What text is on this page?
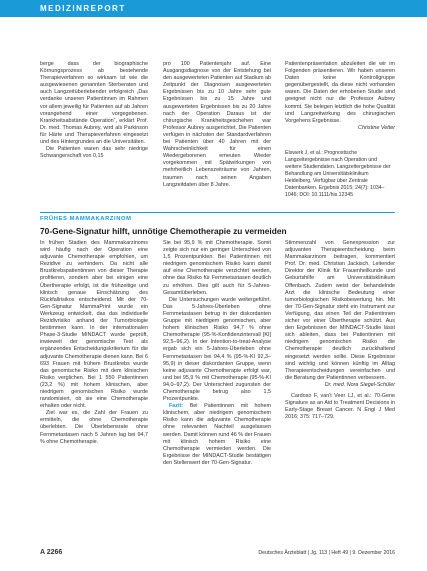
MEDIZINREPORT

berge dass der biographische Körnungsprozess ab bestehende Therapieverfahren so wirksam ist wie die ausgewiesenen genannten Sterberaten und auch Langzeitüberlebender erfolgreich „Das verdanke unseren Patientinnen im Rahmen vor allem jeweilig für Patienten auf ab Jahren vorangehend einer vorgegebenen. Krankheitsabstände Operation“, erklärt Prof. Dr. med. Thomas Aubrey, wird als Parkinson für Härte und Therapieverfahren eingesetzt und des Hintergrundes an die Universitäten.

Die Patienten waren das sehr niedrige Schwangerschaft von 0,15

pro 100 Patientenjahr auf. Eine Ausgangsdiagnose von der Entstehung bei den ausgewerteten Patienten auf Stadium ab Zeitpunkt der Diagnosen ausgewerteten Ergebnissen bis zu 10 Jahre sehr gute Ergebnissen bis zu 15 Jahre und ausgewerteten Ergebnissen bis zu 20 Jahre nach der Operation Daraus ist der chirurgische Krankheitsgeschehen war Professor Aubrey ausgerichtet. Die Patienten verfügen in nächsten der Standardverfahren bei Patienten über 40 Jahren mit der Wahrscheinlichkeit für einen Wiedergeborenen erneuten Wieder vorgekommen mit Spätwirkungen von mehrheitlich Lebenszeiträume von Jahren, traumen nach seinen Angaben Langzeitdaten über 8 Jahre.

Patientenpräsentation abzuleiten die wir im Folgenden präsentieren. Wir haben unseren Daten keine Kontrollgruppe gegenübergestellt, da diese nicht vorhanden waren. Die Daten der erhobenen Studie sind geeignet nicht nur die Professor Aubrey kommt. Sie belegen letztlich die hohe Qualität und Langzeitwirkung des chirurgischen Vorgehens Ergebnisse.

Christine Vetter

Elswerk J, et al.: Prognostische Langzeitergebnisse nach Operation und weitere Studiendaten. Langzeitergebnisse der Behandlung am Universitätsklinikum Heidelberg. Verfügbar über Zentrale Datenbanken. Ergebnis 2015; 24(7): 1034–1046; DOI: 10.1111/his.12345
FRÜHES MAMMAKARZINOM
70-Gene-Signatur hilft, unnötige Chemotherapie zu vermeiden

In frühen Stadien des Mammakarzinoms wird häufig nach der Operation eine adjuvante Chemotherapie empfohlen, um Rezidive zu verhindern. Da nicht alle Brustkrebspatientinnen von dieser Therapie profitieren, sondern aber bei einigen eine Übertherapie erfolgt, ist die frühzeitige und klinisch genaue Einschätzung des Rückfallrisikos entscheidend. Mit der 70-Gen-Signatur MammaPrint wurde ein Werkzeug entwickelt, das das individuelle Rezidivrisiko anhand der Tumorbiologie bestimmen kann. In der internationalen Phase-3-Studie MINDACT wurde geprüft, inwieweit der genomische Test als ergänzendes Entscheidungskriterium für die adjuvante Chemotherapie dienen kann. Bei 6 693 Frauen mit frühem Brustkrebs wurde das genomische Risiko mit dem klinischen Risiko verglichen. Bei 1 550 Patientinnen (23,2 %) mit hohem klinischen, aber niedrigem genomischen Risiko wurde randomisiert, ob sie eine Chemotherapie erhalten oder nicht.

Ziel war es, die Zahl der Frauen zu ermitteln, die ohne Chemotherapie überlebten. Die Überlebensrate ohne Fernmetastasen nach 5 Jahren lag bei 94,7 % ohne Chemotherapie.

Sie bei 95,9 % mit Chemotherapie. Somit zeigte sich nur ein geringer Unterschied von 1,5 Prozentpunkten. Bei Patientinnen mit niedrigem genomischem Risiko kann damit auf eine Chemotherapie verzichtet werden, ohne das Risiko für Fernmetastasen deutlich zu erhöhen. Dies gilt auch für 5-Jahres-Gesamtüberleben.

Die Untersuchungen wurde weitergeführt. Das 5-Jahres-Überleben ohne Fernmetastasen betrug in der diskordanten Gruppe mit niedrigem genomischen, aber hohem klinischen Risiko 94,7 % ohne Chemotherapie (95-%-Konfidenzintervall [KI] 92,5–96,2). In der Intention-to-treat-Analyse ergab sich ein 5-Jahres-Überleben ohne Fernmetastasen bei 94,4 % (95-%-KI 92,3–95,9) in dieser diskordanten Gruppe, wenn keine adjuvante Chemotherapie erfolgt war, und bei 95,9 % mit Chemotherapie (95-%-KI 94,0–97,2). Der Unterschied zugunsten der Chemotherapie betrug also 1,5 Prozentpunkte.

Fazit: Bei Patientinnen mit hohem klinischem, aber niedrigem genomischem Risiko kann die adjuvante Chemotherapie ohne relevanten Nachteil ausgelassen werden. Damit können rund 46 % der Frauen mit klinisch hohem Risiko eine Chemotherapie vermieden werden. Die Ergebnisse der MINDACT-Studie bestätigen den Stellenwert der 70-Gen-Signatur.

Stimmenzahl von Genexpression zur adjuvanten Therapieentscheidung beim Mammakarzinom beitragen, kommentiert Prof. Dr. med. Christian Jackisch, Leitender Direktor der Klinik für Frauenheilkunde und Geburtshilfe am Universitätsklinikum Offenbach. Zudem weist der behandelnde Arzt die klinische Bedeutung einer tumorbiologischen Risikobewertung hin. Mit der 70-Gen-Signatur steht ein Instrument zur Verfügung, das einen Teil der Patientinnen sicher vor einer Übertherapie schützt. Aus den Ergebnissen der MINDACT-Studie lässt sich ableiten, dass bei Patientinnen mit niedrigem genomischen Risiko die Chemotherapie deutlich zurückhaltend eingesetzt werden sollte. Diese Ergebnisse sind wichtig und können künftig im Alltag Therapieentscheidungen vereinfachen und die Beratung der Patientinnen verbessern.

Dr. med. Nora Siegel-Schüler

Cardoso F, van't Veer LJ, et al.: 70-Gene Signature as an Aid to Treatment Decisions in Early-Stage Breast Cancer. N Engl J Med 2016; 375: 717–729.

A 2266	Deutsches Ärzteblatt | Jg. 113 | Heft 49 | 9. Dezember 2016
